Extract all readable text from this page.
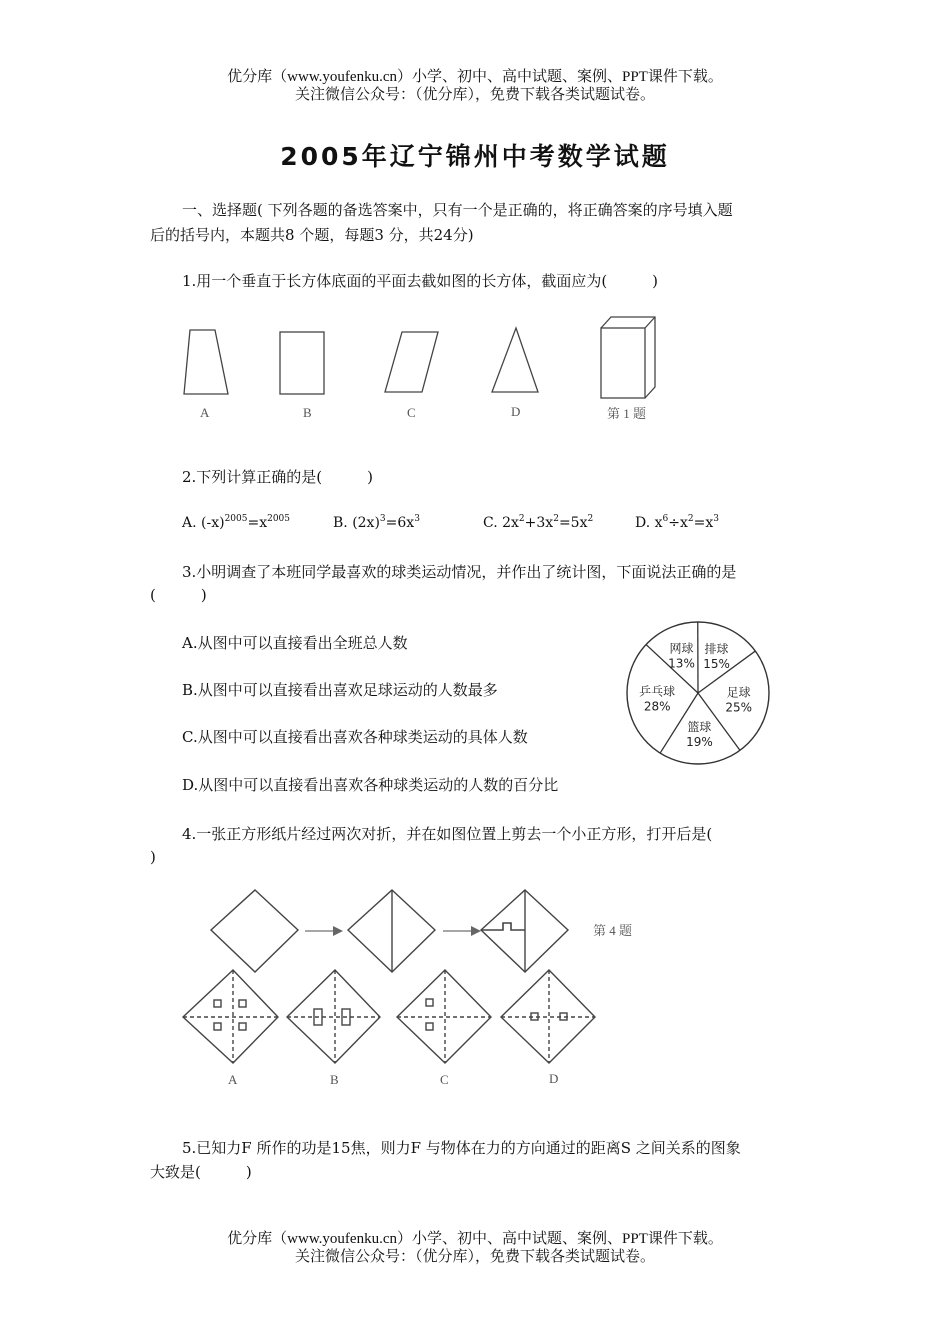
优分库（www.youfenku.cn）小学、初中、高中试题、案例、PPT课件下载。
关注微信公众号：（优分库），免费下载各类试题试卷。
2005年辽宁锦州中考数学试题
一、选择题( 下列各题的备选答案中，只有一个是正确的，将正确答案的序号填入题
后的括号内，本题共8 个题，每题3 分，共24分)
1.用一个垂直于长方体底面的平面去截如图的长方体，截面应为(　　　)
A	B	C	D	第 1 题
2.下列计算正确的是(　　　)
A. $(-x)^{2005}=x^{2005}$	B. $(2x)^3=6x^3$	C. $2x^2+3x^2=5x^2$	D. $x^6\div x^2=x^3$
3.小明调查了本班同学最喜欢的球类运动情况，并作出了统计图，下面说法正确的是
(　　　)
A.从图中可以直接看出全班总人数
B.从图中可以直接看出喜欢足球运动的人数最多
C.从图中可以直接看出喜欢各种球类运动的具体人数
D.从图中可以直接看出喜欢各种球类运动的人数的百分比
网球
13%
排球
15%
足球
25%
篮球
19%
乒乓球
28%
4.一张正方形纸片经过两次对折，并在如图位置上剪去一个小正方形，打开后是(
)
第 4 题
A	B	C	D
5.已知力F 所作的功是15焦，则力F 与物体在力的方向通过的距离S 之间关系的图象
大致是(　　　)
优分库（www.youfenku.cn）小学、初中、高中试题、案例、PPT课件下载。
关注微信公众号：（优分库），免费下载各类试题试卷。
